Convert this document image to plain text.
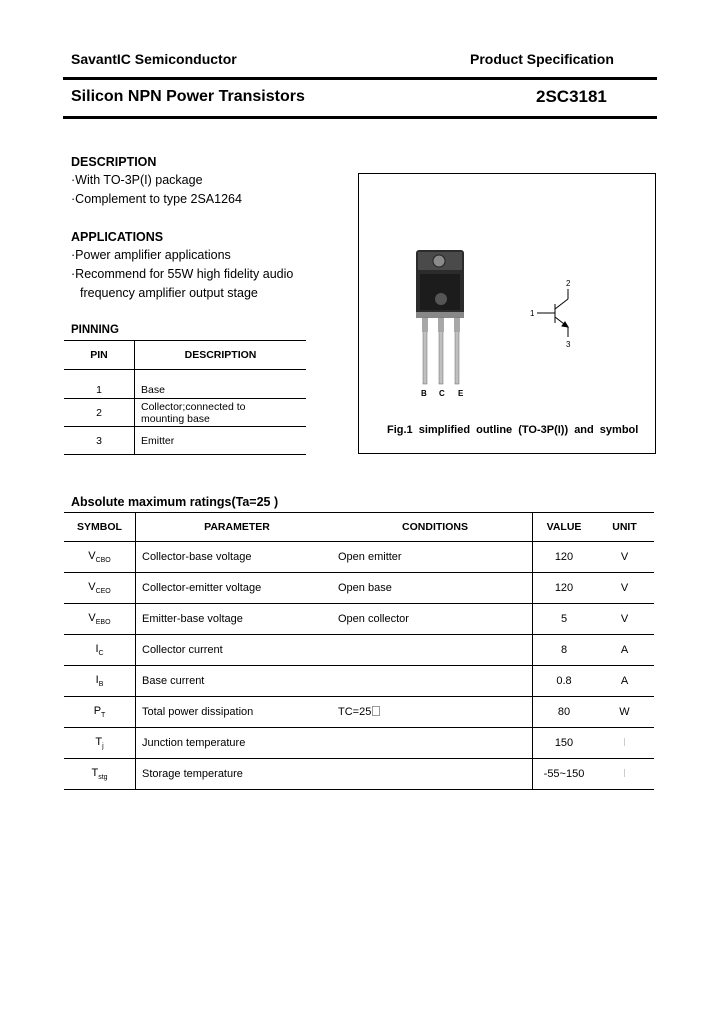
SavantIC Semiconductor	Product Specification
Silicon NPN Power Transistors	2SC3181
DESCRIPTION
·With TO-3P(I) package
·Complement to type 2SA1264
APPLICATIONS
·Power amplifier applications
·Recommend for 55W high fidelity audio
frequency amplifier output stage
PINNING
PIN	DESCRIPTION
1	Base
2	Collector;connected to mounting base
3	Emitter
B C E
1
2
3
Fig.1 simplified outline (TO-3P(I)) and symbol
Absolute maximum ratings(Ta=25 )
SYMBOL	PARAMETER	CONDITIONS	VALUE	UNIT
$V_{CBO}$	Collector-base voltage	Open emitter	120	V
$V_{CEO}$	Collector-emitter voltage	Open base	120	V
$V_{EBO}$	Emitter-base voltage	Open collector	5	V
$I_C$	Collector current		8	A
$I_B$	Base current		0.8	A
$P_T$	Total power dissipation	TC=25	80	W
$T_j$	Junction temperature		150	
$T_{stg}$	Storage temperature		-55~150	
